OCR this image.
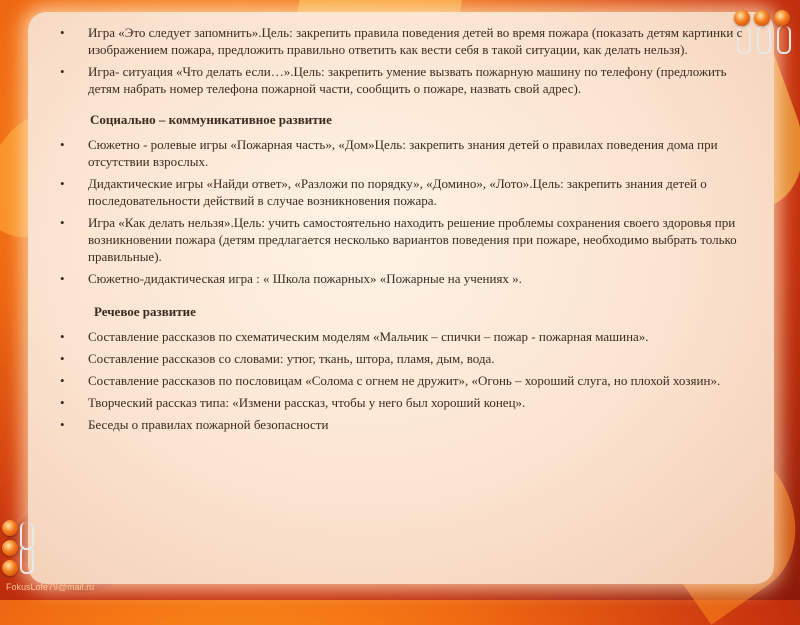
• Игра «Это следует запомнить».Цель: закрепить правила поведения детей во время пожара (показать детям картинки с изображением пожара, предложить правильно ответить как вести себя в такой ситуации, как делать нельзя).
• Игра- ситуация «Что делать если…».Цель: закрепить умение вызвать пожарную машину по телефону (предложить детям набрать номер телефона пожарной части, сообщить о пожаре, назвать свой адрес).
Социально – коммуникативное развитие
• Сюжетно - ролевые игры «Пожарная часть», «Дом»Цель: закрепить знания детей о правилах поведения дома при отсутствии взрослых.
• Дидактические игры «Найди ответ», «Разложи по порядку», «Домино», «Лото».Цель: закрепить знания детей о последовательности действий в случае возникновения пожара.
• Игра «Как делать нельзя».Цель: учить самостоятельно находить решение проблемы сохранения своего здоровья при возникновении пожара (детям предлагается несколько вариантов поведения при пожаре, необходимо выбрать только правильные).
• Сюжетно-дидактическая игра : « Школа пожарных» «Пожарные на учениях ».
Речевое развитие
• Составление рассказов по схематическим моделям «Мальчик – спички – пожар - пожарная машина».
• Составление рассказов со словами: утюг, ткань, штора, пламя, дым, вода.
• Составление рассказов по пословицам «Солома с огнем не дружит», «Огонь – хороший слуга, но плохой хозяин».
• Творческий рассказ типа: «Измени рассказ, чтобы у него был хороший конец».
• Беседы о правилах пожарной безопасности
FokusLofe79@mail.ru
